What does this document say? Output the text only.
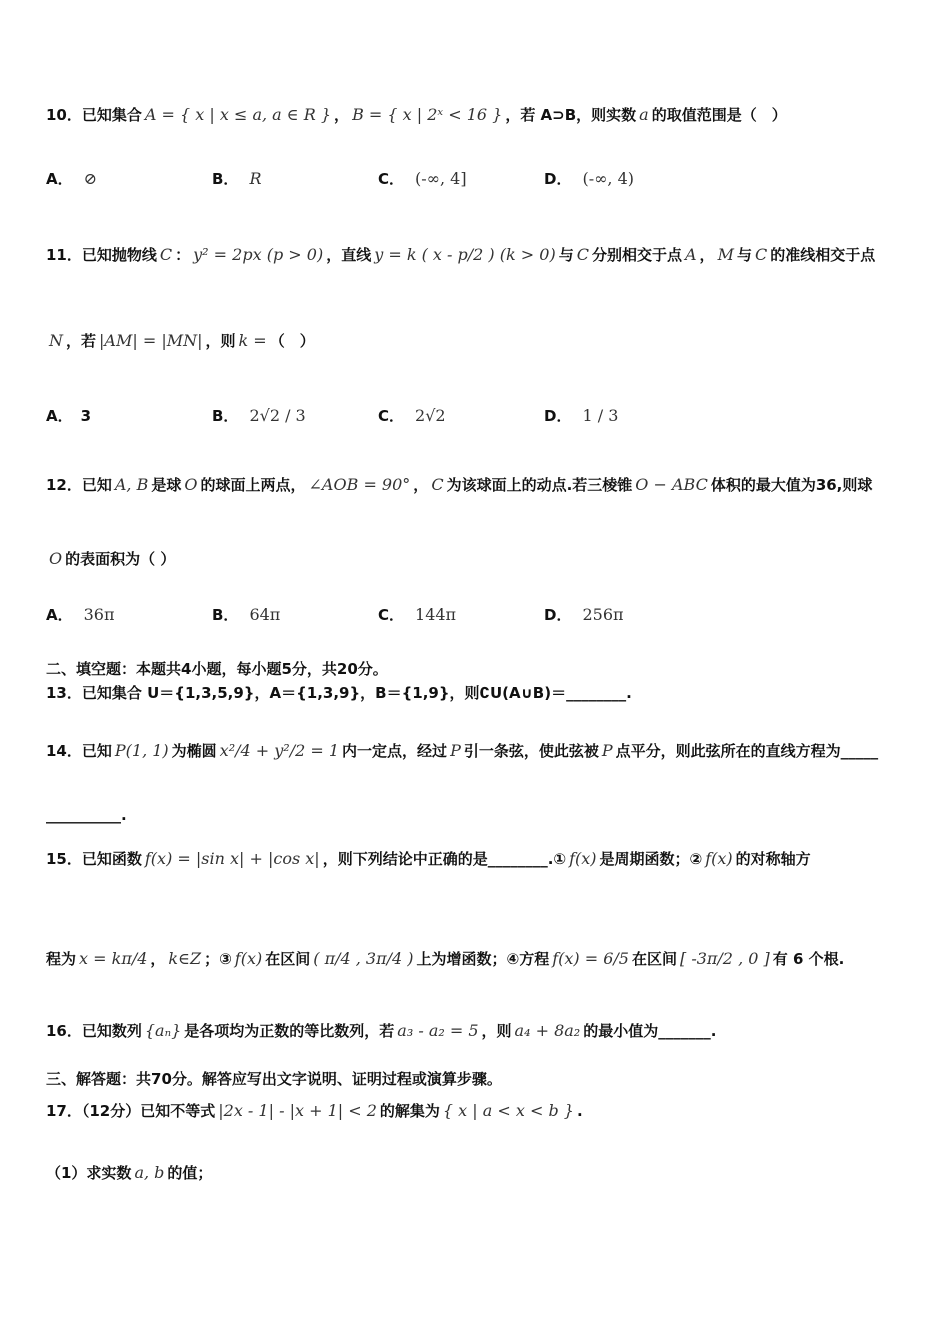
10．已知集合 A = { x | x ≤ a, a ∈ R } ， B = { x | 2ˣ < 16 } ，若 A⊃B，则实数 a 的取值范围是（　）
A． ⊘	B． R	C． (-∞, 4]	D． (-∞, 4)
11．已知抛物线 C ： y² = 2px (p > 0) ，直线 y = k ( x - p/2 ) (k > 0) 与 C 分别相交于点 A ， M 与 C 的准线相交于点
N ，若 |AM| = |MN| ，则 k = （　）
A． 3	B． 2√2 / 3	C． 2√2	D． 1 / 3
12．已知 A, B 是球 O 的球面上两点， ∠AOB = 90° ， C 为该球面上的动点.若三棱锥 O − ABC 体积的最大值为36,则球
O 的表面积为（ ）
A． 36π	B． 64π	C． 144π	D． 256π
二、填空题：本题共4小题，每小题5分，共20分。
13．已知集合 U＝{1,3,5,9}，A＝{1,3,9}，B＝{1,9}，则∁U(A∪B)＝________.
14．已知 P(1, 1) 为椭圆 x²/4 + y²/2 = 1 内一定点，经过 P 引一条弦，使此弦被 P 点平分，则此弦所在的直线方程为_____
__________.
15．已知函数 f(x) = |sin x| + |cos x| ，则下列结论中正确的是________.① f(x) 是周期函数；② f(x) 的对称轴方
程为 x = kπ/4 ， k∈Z ；③ f(x) 在区间 ( π/4 , 3π/4 ) 上为增函数；④方程 f(x) = 6/5 在区间 [ -3π/2 , 0 ] 有 6 个根.
16．已知数列 {aₙ} 是各项均为正数的等比数列，若 a₃ - a₂ = 5 ，则 a₄ + 8a₂ 的最小值为_______.
三、解答题：共70分。解答应写出文字说明、证明过程或演算步骤。
17．（12分）已知不等式 |2x - 1| - |x + 1| < 2 的解集为 { x | a < x < b } .
（1）求实数 a, b 的值；
